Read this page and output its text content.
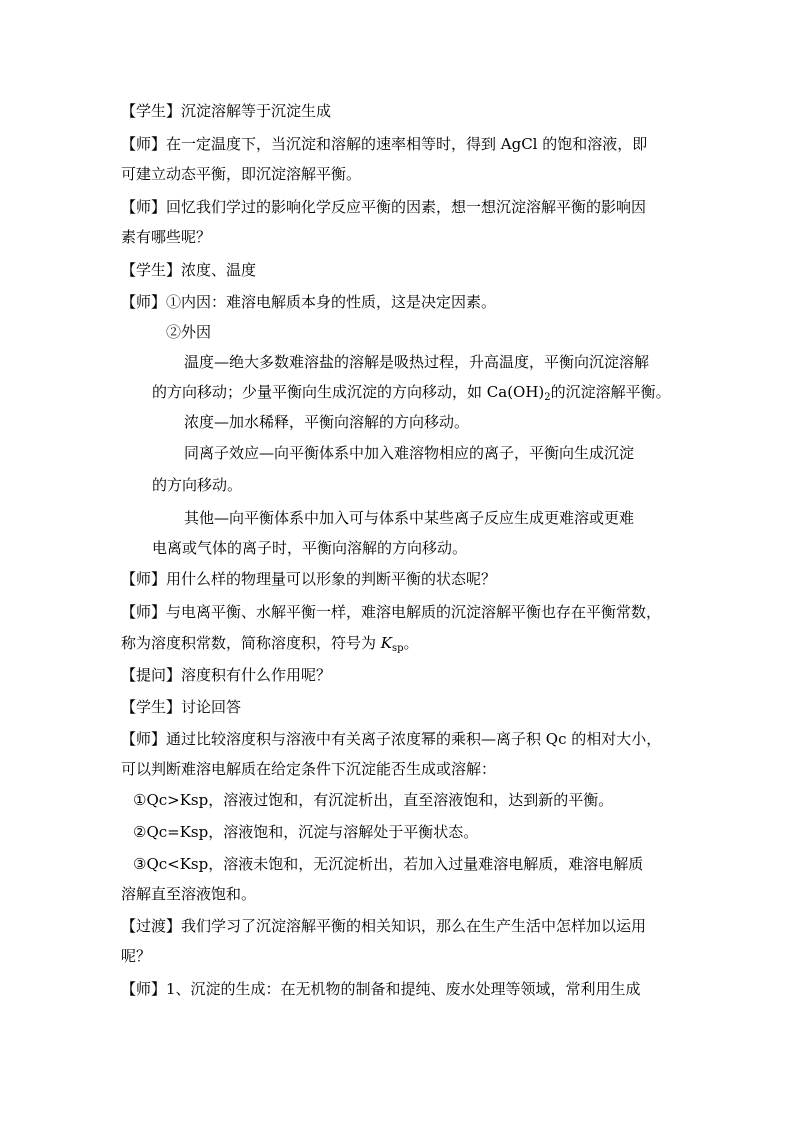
【学生】沉淀溶解等于沉淀生成
【师】在一定温度下，当沉淀和溶解的速率相等时，得到 AgCl 的饱和溶液，即
可建立动态平衡，即沉淀溶解平衡。
【师】回忆我们学过的影响化学反应平衡的因素，想一想沉淀溶解平衡的影响因
素有哪些呢？
【学生】浓度、温度
【师】①内因：难溶电解质本身的性质，这是决定因素。
②外因
温度—绝大多数难溶盐的溶解是吸热过程，升高温度，平衡向沉淀溶解
的方向移动；少量平衡向生成沉淀的方向移动，如 $Ca(OH)_2$的沉淀溶解平衡。
浓度—加水稀释，平衡向溶解的方向移动。
同离子效应—向平衡体系中加入难溶物相应的离子，平衡向生成沉淀
的方向移动。
其他—向平衡体系中加入可与体系中某些离子反应生成更难溶或更难
电离或气体的离子时，平衡向溶解的方向移动。
【师】用什么样的物理量可以形象的判断平衡的状态呢？
【师】与电离平衡、水解平衡一样，难溶电解质的沉淀溶解平衡也存在平衡常数，
称为溶度积常数，简称溶度积，符号为 $K_{sp}$。
【提问】溶度积有什么作用呢？
【学生】讨论回答
【师】通过比较溶度积与溶液中有关离子浓度幂的乘积—离子积 Qc 的相对大小，
可以判断难溶电解质在给定条件下沉淀能否生成或溶解：
①Qc>Ksp，溶液过饱和，有沉淀析出，直至溶液饱和，达到新的平衡。
②Qc=Ksp，溶液饱和，沉淀与溶解处于平衡状态。
③Qc<Ksp，溶液未饱和，无沉淀析出，若加入过量难溶电解质，难溶电解质
溶解直至溶液饱和。
【过渡】我们学习了沉淀溶解平衡的相关知识，那么在生产生活中怎样加以运用
呢？
【师】1、沉淀的生成：在无机物的制备和提纯、废水处理等领域，常利用生成
